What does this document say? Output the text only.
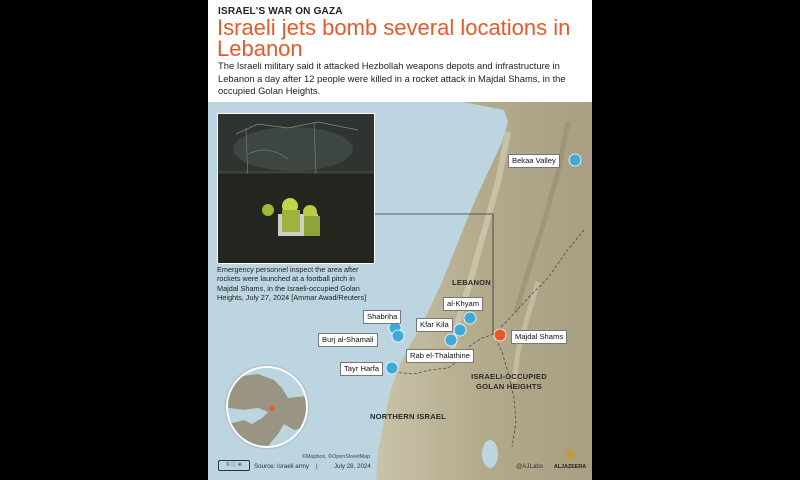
ISRAEL'S WAR ON GAZA
Israeli jets bomb several locations in Lebanon
The Israeli military said it attacked Hezbollah weapons depots and infrastructure in Lebanon a day after 12 people were killed in a rocket attack in Majdal Shams, in the occupied Golan Heights.
Emergency personnel inspect the area after rockets were launched at a football pitch in Majdal Shams, in the Israeli-occupied Golan Heights, July 27, 2024 [Ammar Awad/Reuters]
LEBANON
ISRAELI-OCCUPIED GOLAN HEIGHTS
NORTHERN ISRAEL
Bekaa Valley
al-Khyam
Shabriha
Kfar Kila
Burj al-Shamali
Rab el-Thalathine
Tayr Harfa
Majdal Shams
© ⓘ ⊜	Source: Israeli army |	July 28, 2024	@AJLabs
✺
ALJAZEERA
©Mapbox, ©OpenStreetMap
